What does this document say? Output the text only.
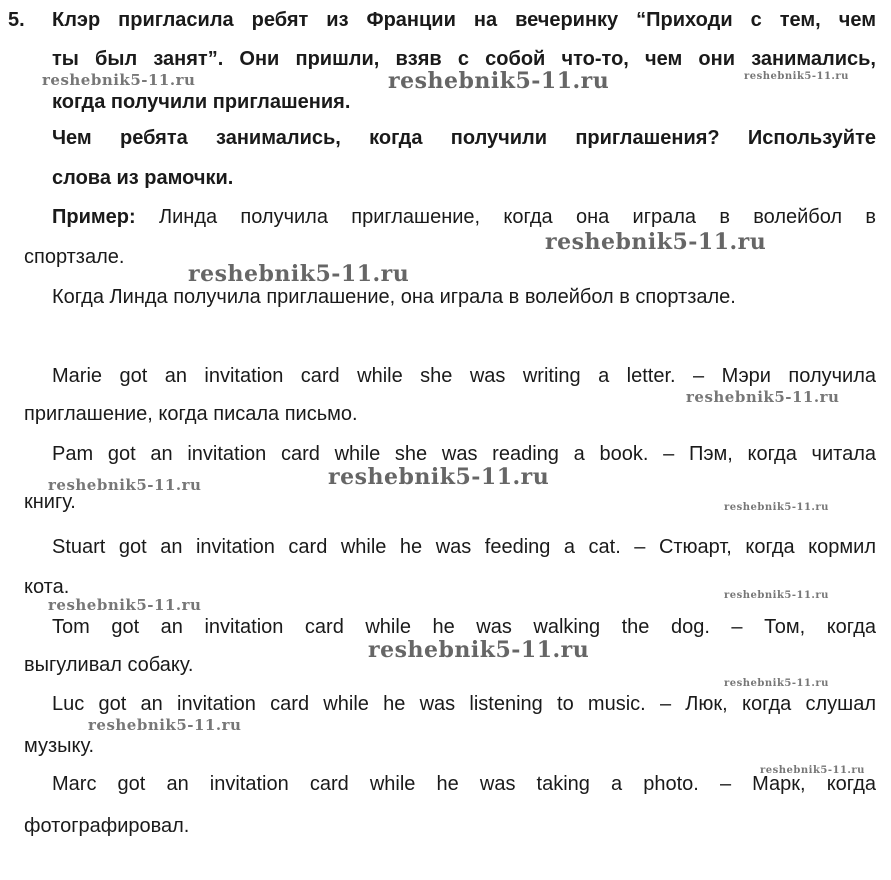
5. Клэр пригласила ребят из Франции на вечеринку “Приходи с тем, чем
ты был занят”. Они пришли, взяв с собой что-то, чем они занимались,
когда получили приглашения.
Чем ребята занимались, когда получили приглашения? Используйте
слова из рамочки.
Пример: Линда получила приглашение, когда она играла в волейбол в
спортзале.
Когда Линда получила приглашение, она играла в волейбол в спортзале.
Marie got an invitation card while she was writing a letter. – Мэри получила
приглашение, когда писала письмо.
Pam got an invitation card while she was reading a book. – Пэм, когда читала
книгу.
Stuart got an invitation card while he was feeding a cat. – Стюарт, когда кормил
кота.
Tom got an invitation card while he was walking the dog. – Том, когда
выгуливал собаку.
Luc got an invitation card while he was listening to music. – Люк, когда слушал
музыку.
Marc got an invitation card while he was taking a photo. – Марк, когда
фотографировал.
reshebnik5-11.ru	reshebnik5-11.ru	reshebnik5-11.ru
reshebnik5-11.ru
reshebnik5-11.ru
reshebnik5-11.ru
reshebnik5-11.ru
reshebnik5-11.ru
reshebnik5-11.ru
reshebnik5-11.ru
reshebnik5-11.ru
reshebnik5-11.ru
reshebnik5-11.ru
reshebnik5-11.ru
reshebnik5-11.ru
